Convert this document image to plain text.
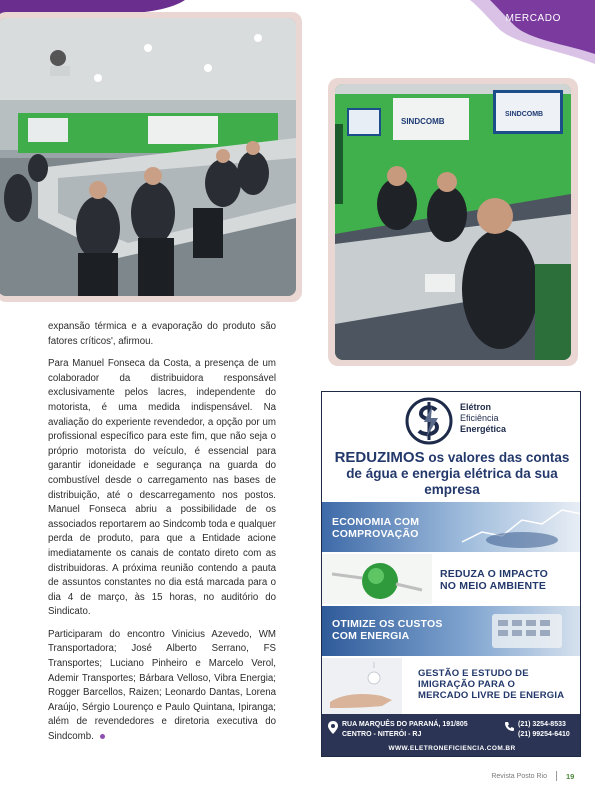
MERCADO
SINDCOMB
SINDCOMB

expansão térmica e a evaporação do produto são fatores críticos', afirmou.

Para Manuel Fonseca da Costa, a presença de um colaborador da distribuidora responsável exclusivamente pelos lacres, independente do motorista, é uma medida indispensável. Na avaliação do experiente revendedor, a opção por um profissional específico para este fim, que não seja o próprio motorista do veículo, é essencial para garantir idoneidade e segurança na guarda do combustível desde o carregamento nas bases de distribuição, até o descarregamento nos postos. Manuel Fonseca abriu a possibilidade de os associados reportarem ao Sindcomb toda e qualquer perda de produto, para que a Entidade acione imediatamente os canais de contato direto com as distribuidoras. A próxima reunião contendo a pauta de assuntos constantes no dia está marcada para o dia 4 de março, às 15 horas, no auditório do Sindicato.

Participaram do encontro Vinicius Azevedo, WM Transportadora; José Alberto Serrano, FS Transportes; Luciano Pinheiro e Marcelo Verol, Ademir Transportes; Bárbara Velloso, Vibra Energia; Rogger Barcellos, Raizen; Leonardo Dantas, Lorena Araújo, Sérgio Lourenço e Paulo Quintana, Ipiranga; além de revendedores e diretoria executiva do Sindcomb.

Elétron
Eficiência
Energética
REDUZIMOS os valores das contas de água e energia elétrica da sua empresa
ECONOMIA COM
COMPROVAÇÃO
REDUZA O IMPACTO
NO MEIO AMBIENTE
OTIMIZE OS CUSTOS
COM ENERGIA
GESTÃO E ESTUDO DE
IMIGRAÇÃO PARA O
MERCADO LIVRE DE ENERGIA
RUA MARQUÊS DO PARANÁ, 191/805
CENTRO - NITERÓI - RJ
(21) 3254-8533
(21) 99254-6410
WWW.ELETRONEFICIENCIA.COM.BR
Revista Posto Rio	19
